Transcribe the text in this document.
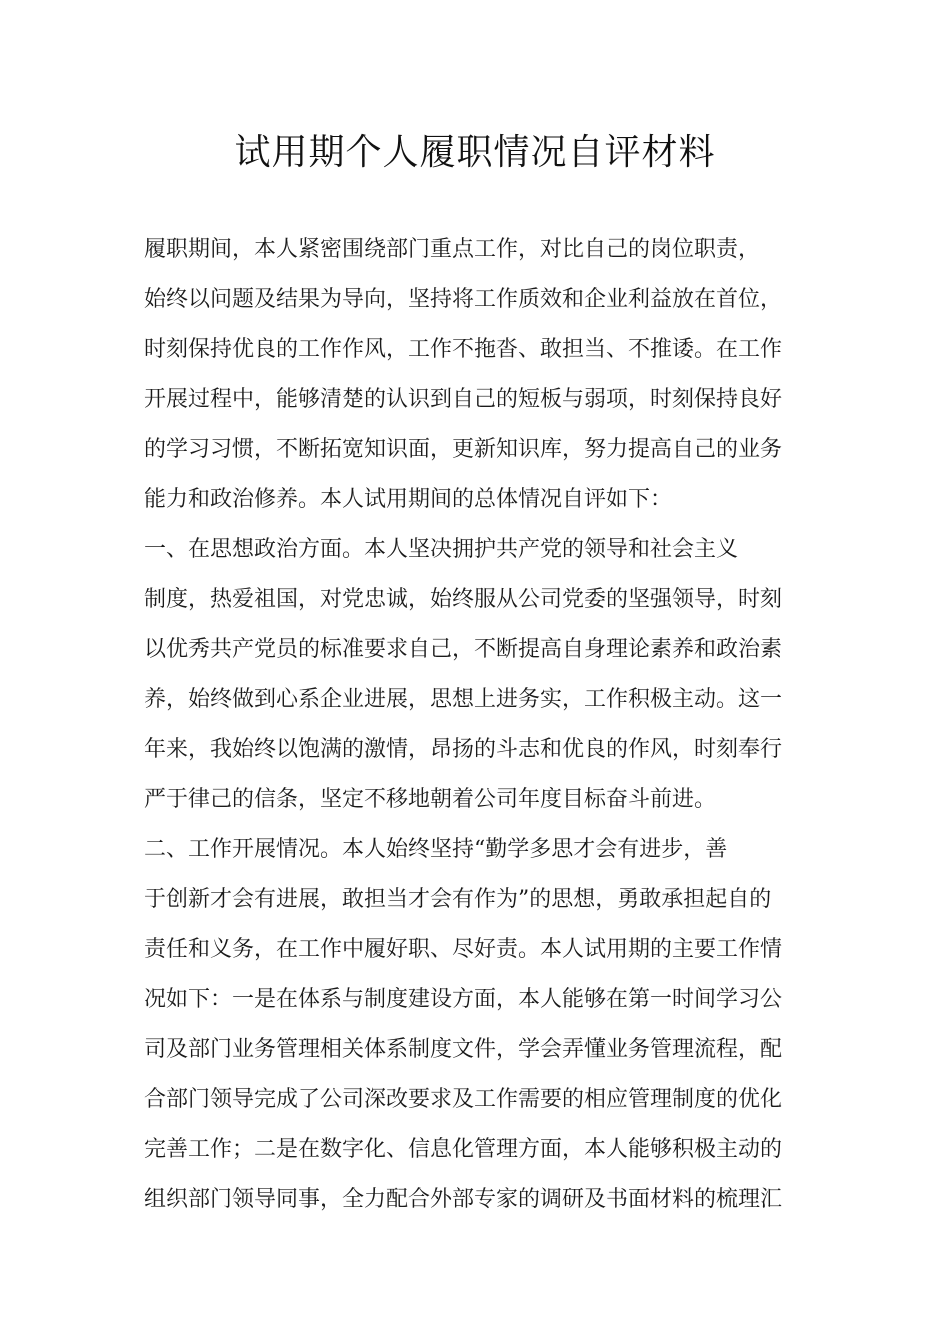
试用期个人履职情况自评材料
履职期间，本人紧密围绕部门重点工作，对比自己的岗位职责，
始终以问题及结果为导向，坚持将工作质效和企业利益放在首位，
时刻保持优良的工作作风，工作不拖沓、敢担当、不推诿。在工作
开展过程中，能够清楚的认识到自己的短板与弱项，时刻保持良好
的学习习惯，不断拓宽知识面，更新知识库，努力提高自己的业务
能力和政治修养。本人试用期间的总体情况自评如下：
一、在思想政治方面。本人坚决拥护共产党的领导和社会主义
制度，热爱祖国，对党忠诚，始终服从公司党委的坚强领导，时刻
以优秀共产党员的标准要求自己，不断提高自身理论素养和政治素
养，始终做到心系企业进展，思想上进务实，工作积极主动。这一
年来，我始终以饱满的激情，昂扬的斗志和优良的作风，时刻奉行
严于律己的信条，坚定不移地朝着公司年度目标奋斗前进。
二、工作开展情况。本人始终坚持“勤学多思才会有进步，善
于创新才会有进展，敢担当才会有作为”的思想，勇敢承担起自的
责任和义务，在工作中履好职、尽好责。本人试用期的主要工作情
况如下：一是在体系与制度建设方面，本人能够在第一时间学习公
司及部门业务管理相关体系制度文件，学会弄懂业务管理流程，配
合部门领导完成了公司深改要求及工作需要的相应管理制度的优化
完善工作；二是在数字化、信息化管理方面，本人能够积极主动的
组织部门领导同事，全力配合外部专家的调研及书面材料的梳理汇
